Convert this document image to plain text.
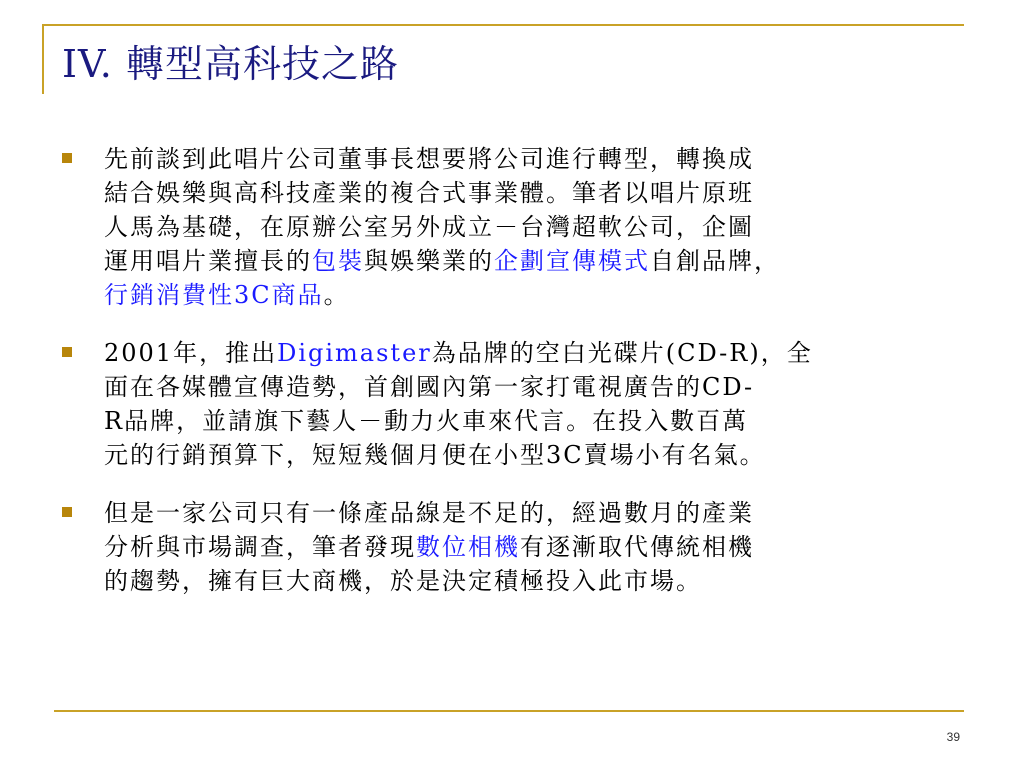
IV. 轉型高科技之路
先前談到此唱片公司董事長想要將公司進行轉型，轉換成
結合娛樂與高科技產業的複合式事業體。筆者以唱片原班
人馬為基礎，在原辦公室另外成立－台灣超軟公司，企圖
運用唱片業擅長的包裝與娛樂業的企劃宣傳模式自創品牌，
行銷消費性3C商品。
2001年，推出Digimaster為品牌的空白光碟片(CD-R)，全
面在各媒體宣傳造勢，首創國內第一家打電視廣告的CD-
R品牌，並請旗下藝人－動力火車來代言。在投入數百萬
元的行銷預算下，短短幾個月便在小型3C賣場小有名氣。
但是一家公司只有一條產品線是不足的，經過數月的產業
分析與市場調查，筆者發現數位相機有逐漸取代傳統相機
的趨勢，擁有巨大商機，於是決定積極投入此市場。
39
